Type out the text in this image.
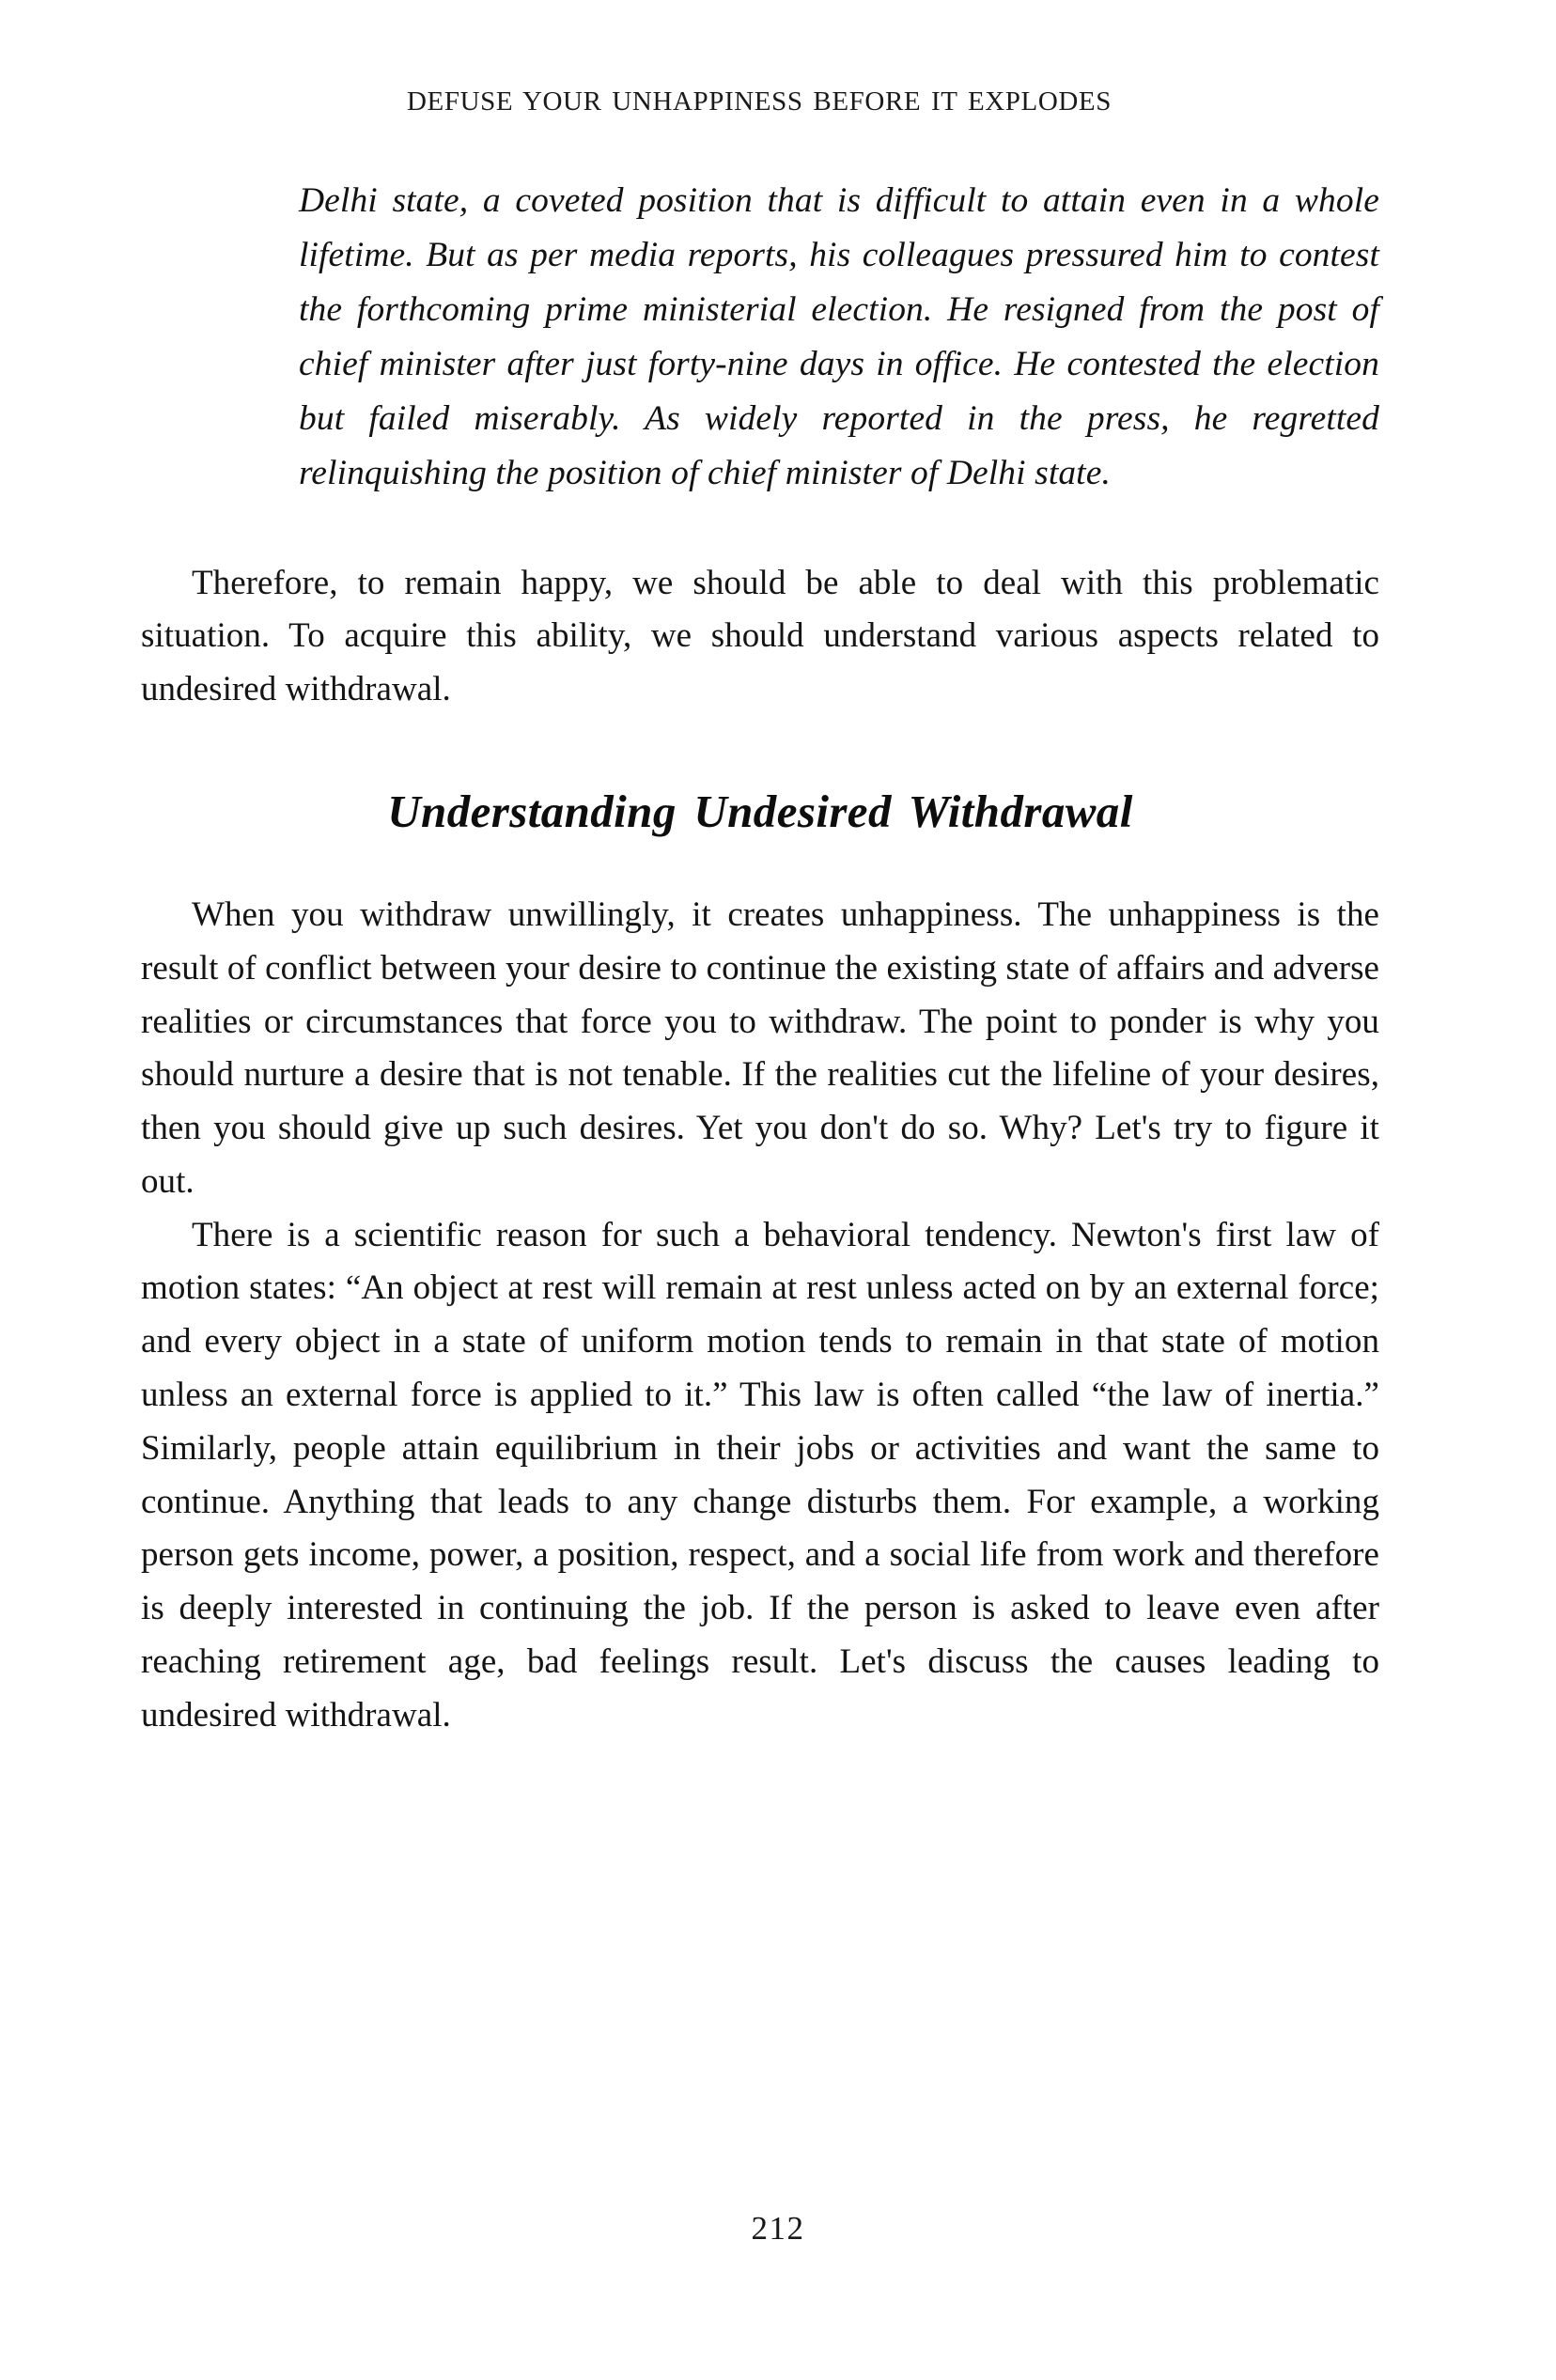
DEFUSE YOUR UNHAPPINESS BEFORE IT EXPLODES

Delhi state, a coveted position that is difficult to attain even in a whole lifetime. But as per media reports, his colleagues pressured him to contest the forthcoming prime ministerial election. He resigned from the post of chief minister after just forty-nine days in office. He contested the election but failed miserably. As widely reported in the press, he regretted relinquishing the position of chief minister of Delhi state.

Therefore, to remain happy, we should be able to deal with this problematic situation. To acquire this ability, we should understand various aspects related to undesired withdrawal.

Understanding Undesired Withdrawal

When you withdraw unwillingly, it creates unhappiness. The unhappiness is the result of conflict between your desire to continue the existing state of affairs and adverse realities or circumstances that force you to withdraw. The point to ponder is why you should nurture a desire that is not tenable. If the realities cut the lifeline of your desires, then you should give up such desires. Yet you don't do so. Why? Let's try to figure it out.

There is a scientific reason for such a behavioral tendency. Newton's first law of motion states: “An object at rest will remain at rest unless acted on by an external force; and every object in a state of uniform motion tends to remain in that state of motion unless an external force is applied to it.” This law is often called “the law of inertia.” Similarly, people attain equilibrium in their jobs or activities and want the same to continue. Anything that leads to any change disturbs them. For example, a working person gets income, power, a position, respect, and a social life from work and therefore is deeply interested in continuing the job. If the person is asked to leave even after reaching retirement age, bad feelings result. Let's discuss the causes leading to undesired withdrawal.

212
